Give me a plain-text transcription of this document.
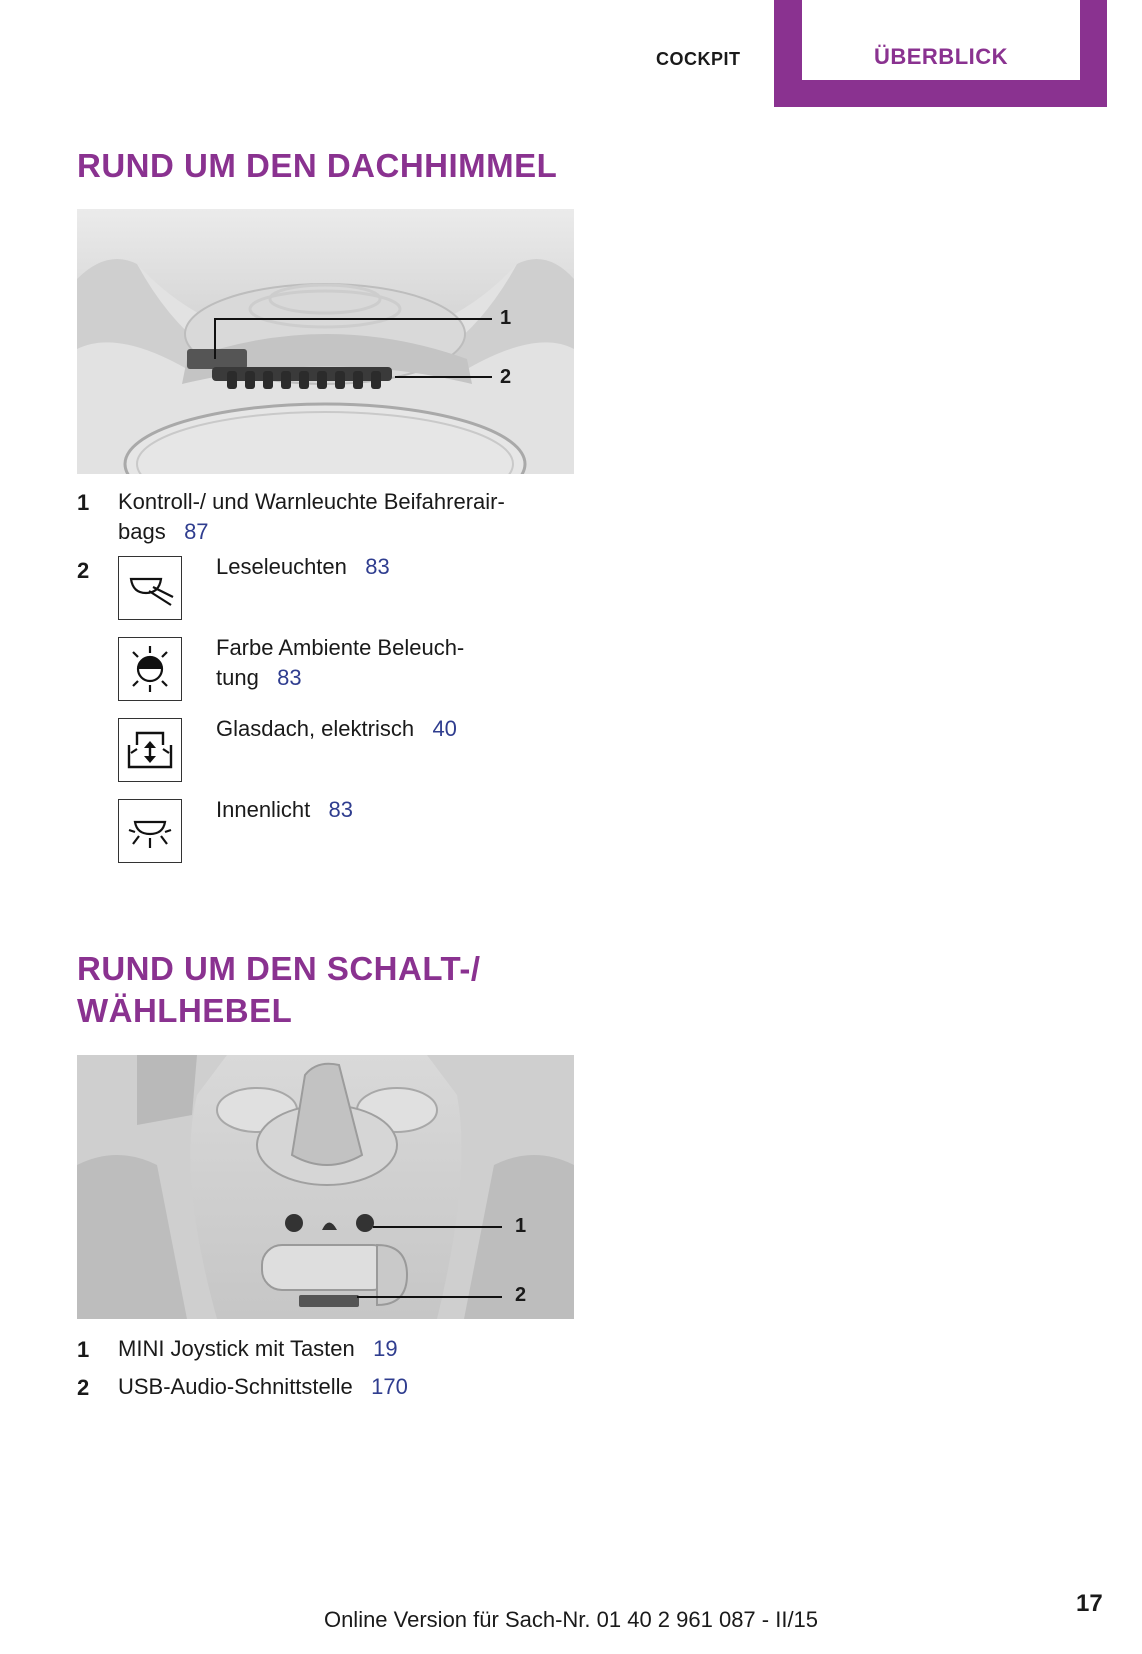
COCKPIT	ÜBERBLICK
RUND UM DEN DACHHIMMEL
1
2
1 Kontroll-/ und Warnleuchte Beifahrerair-
bags 87
2	Leseleuchten 83
Farbe Ambiente Beleuch-
tung 83
Glasdach, elektrisch 40
Innenlicht 83
RUND UM DEN SCHALT-/
WÄHLHEBEL
1
2
1 MINI Joystick mit Tasten 19
2 USB-Audio-Schnittstelle 170
Online Version für Sach-Nr. 01 40 2 961 087 - II/15
17
